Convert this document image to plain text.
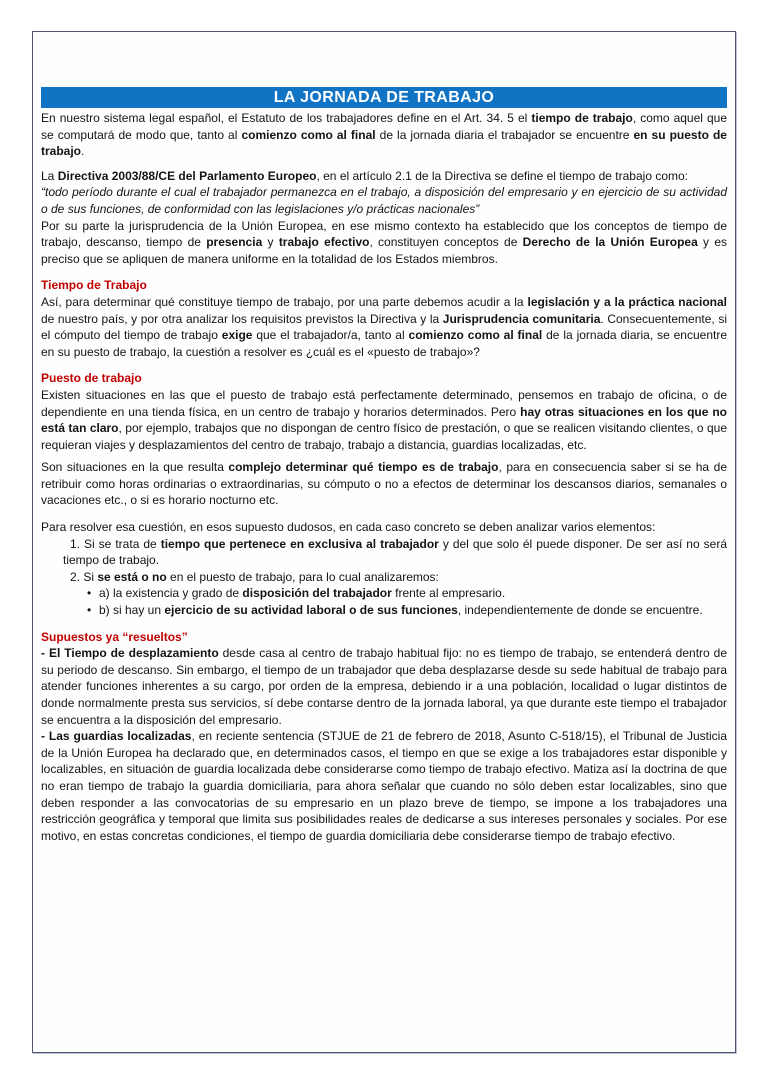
LA JORNADA DE TRABAJO
En nuestro sistema legal español, el Estatuto de los trabajadores define en el Art. 34. 5 el tiempo de trabajo, como aquel que se computará de modo que, tanto al comienzo como al final de la jornada diaria el trabajador se encuentre en su puesto de trabajo.
La Directiva 2003/88/CE del Parlamento Europeo, en el artículo 2.1 de la Directiva se define el tiempo de trabajo como:
“todo período durante el cual el trabajador permanezca en el trabajo, a disposición del empresario y en ejercicio de su actividad o de sus funciones, de conformidad con las legislaciones y/o prácticas nacionales”
Por su parte la jurisprudencia de la Unión Europea, en ese mismo contexto ha establecido que los conceptos de tiempo de trabajo, descanso, tiempo de presencia y trabajo efectivo, constituyen conceptos de Derecho de la Unión Europea y es preciso que se apliquen de manera uniforme en la totalidad de los Estados miembros.
Tiempo de Trabajo
Así, para determinar qué constituye tiempo de trabajo, por una parte debemos acudir a la legislación y a la práctica nacional de nuestro país, y por otra analizar los requisitos previstos la Directiva y la Jurisprudencia comunitaria. Consecuentemente, si el cómputo del tiempo de trabajo exige que el trabajador/a, tanto al comienzo como al final de la jornada diaria, se encuentre en su puesto de trabajo, la cuestión a resolver es ¿cuál es el «puesto de trabajo»?
Puesto de trabajo
Existen situaciones en las que el puesto de trabajo está perfectamente determinado, pensemos en trabajo de oficina, o de dependiente en una tienda física, en un centro de trabajo y horarios determinados. Pero hay otras situaciones en los que no está tan claro, por ejemplo, trabajos que no dispongan de centro físico de prestación, o que se realicen visitando clientes, o que requieran viajes y desplazamientos del centro de trabajo, trabajo a distancia, guardias localizadas, etc.
Son situaciones en la que resulta complejo determinar qué tiempo es de trabajo, para en consecuencia saber si se ha de retribuir como horas ordinarias o extraordinarias, su cómputo o no a efectos de determinar los descansos diarios, semanales o vacaciones etc., o si es horario nocturno etc.
Para resolver esa cuestión, en esos supuesto dudosos, en cada caso concreto se deben analizar varios elementos:
1. Si se trata de tiempo que pertenece en exclusiva al trabajador y del que solo él puede disponer. De ser así no será tiempo de trabajo.
2. Si se está o no en el puesto de trabajo, para lo cual analizaremos:
• a) la existencia y grado de disposición del trabajador frente al empresario.
• b) si hay un ejercicio de su actividad laboral o de sus funciones, independientemente de donde se encuentre.
Supuestos ya “resueltos”
- El Tiempo de desplazamiento desde casa al centro de trabajo habitual fijo: no es tiempo de trabajo, se entenderá dentro de su periodo de descanso. Sin embargo, el tiempo de un trabajador que deba desplazarse desde su sede habitual de trabajo para atender funciones inherentes a su cargo, por orden de la empresa, debiendo ir a una población, localidad o lugar distintos de donde normalmente presta sus servicios, sí debe contarse dentro de la jornada laboral, ya que durante este tiempo el trabajador se encuentra a la disposición del empresario.
- Las guardias localizadas, en reciente sentencia (STJUE de 21 de febrero de 2018, Asunto C-518/15), el Tribunal de Justicia de la Unión Europea ha declarado que, en determinados casos, el tiempo en que se exige a los trabajadores estar disponible y localizables, en situación de guardia localizada debe considerarse como tiempo de trabajo efectivo. Matiza así la doctrina de que no eran tiempo de trabajo la guardia domiciliaria, para ahora señalar que cuando no sólo deben estar localizables, sino que deben responder a las convocatorias de su empresario en un plazo breve de tiempo, se impone a los trabajadores una restricción geográfica y temporal que limita sus posibilidades reales de dedicarse a sus intereses personales y sociales. Por ese motivo, en estas concretas condiciones, el tiempo de guardia domiciliaria debe considerarse tiempo de trabajo efectivo.
